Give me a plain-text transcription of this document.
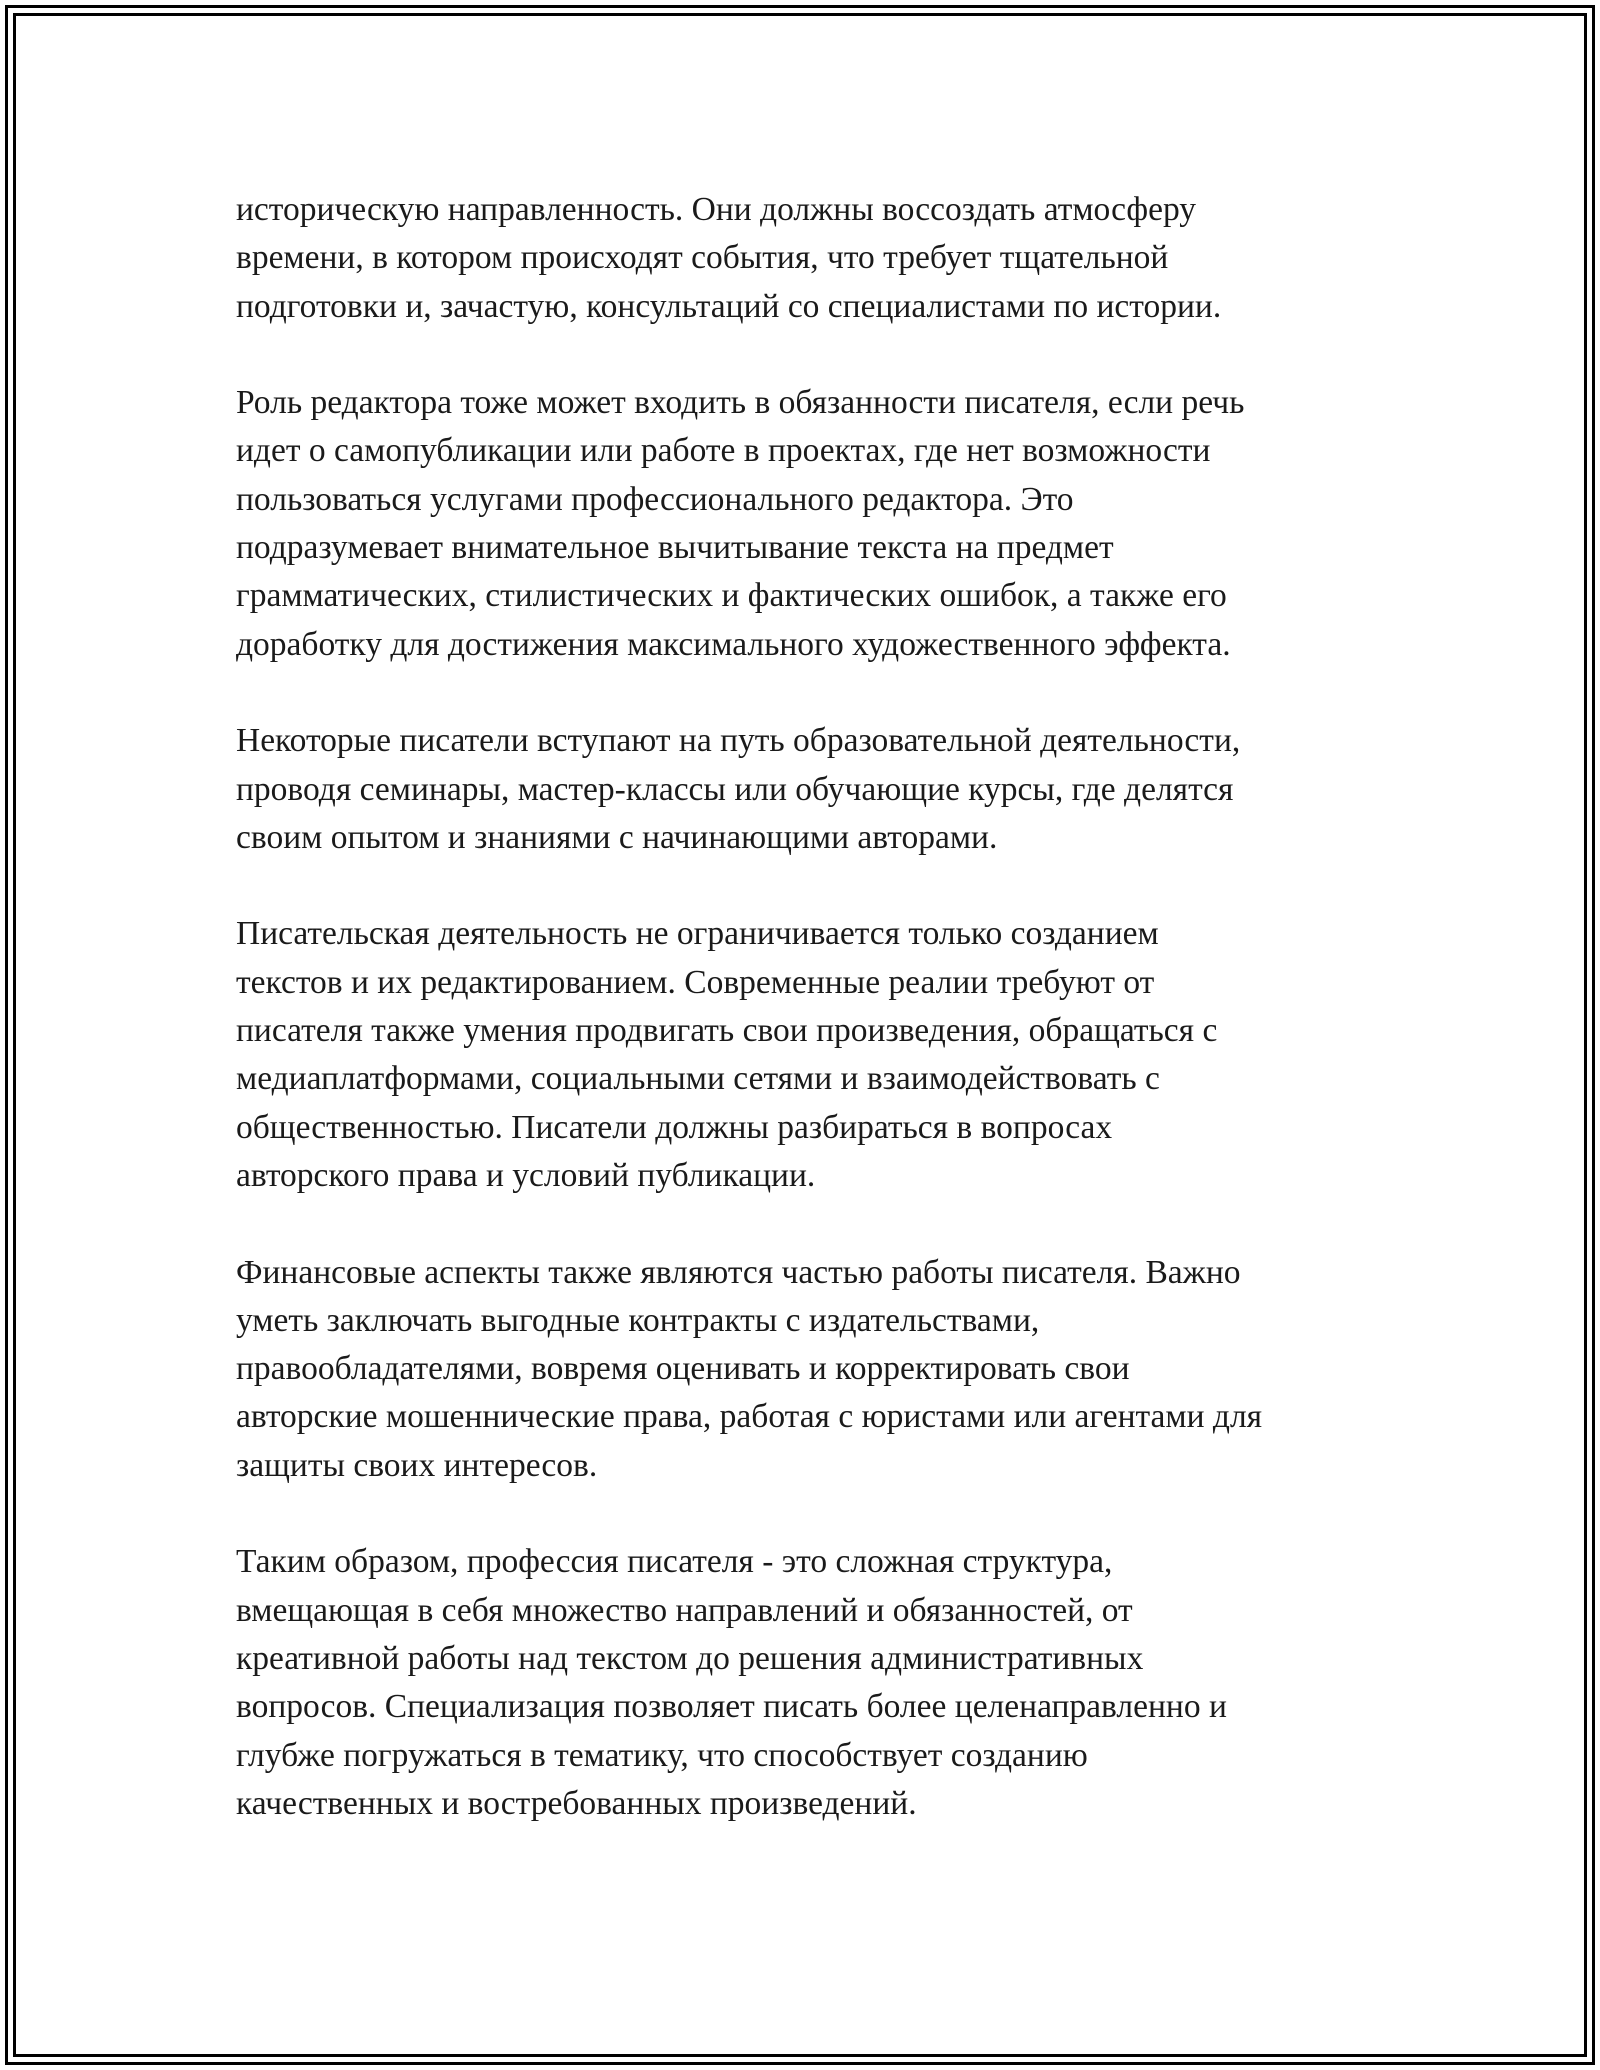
историческую направленность. Они должны воссоздать атмосферу
времени, в котором происходят события, что требует тщательной
подготовки и, зачастую, консультаций со специалистами по истории.

Роль редактора тоже может входить в обязанности писателя, если речь
идет о самопубликации или работе в проектах, где нет возможности
пользоваться услугами профессионального редактора. Это
подразумевает внимательное вычитывание текста на предмет
грамматических, стилистических и фактических ошибок, а также его
доработку для достижения максимального художественного эффекта.

Некоторые писатели вступают на путь образовательной деятельности,
проводя семинары, мастер-классы или обучающие курсы, где делятся
своим опытом и знаниями с начинающими авторами.

Писательская деятельность не ограничивается только созданием
текстов и их редактированием. Современные реалии требуют от
писателя также умения продвигать свои произведения, обращаться с
медиаплатформами, социальными сетями и взаимодействовать с
общественностью. Писатели должны разбираться в вопросах
авторского права и условий публикации.

Финансовые аспекты также являются частью работы писателя. Важно
уметь заключать выгодные контракты с издательствами,
правообладателями, вовремя оценивать и корректировать свои
авторские мошеннические права, работая с юристами или агентами для
защиты своих интересов.

Таким образом, профессия писателя - это сложная структура,
вмещающая в себя множество направлений и обязанностей, от
креативной работы над текстом до решения административных
вопросов. Специализация позволяет писать более целенаправленно и
глубже погружаться в тематику, что способствует созданию
качественных и востребованных произведений.
